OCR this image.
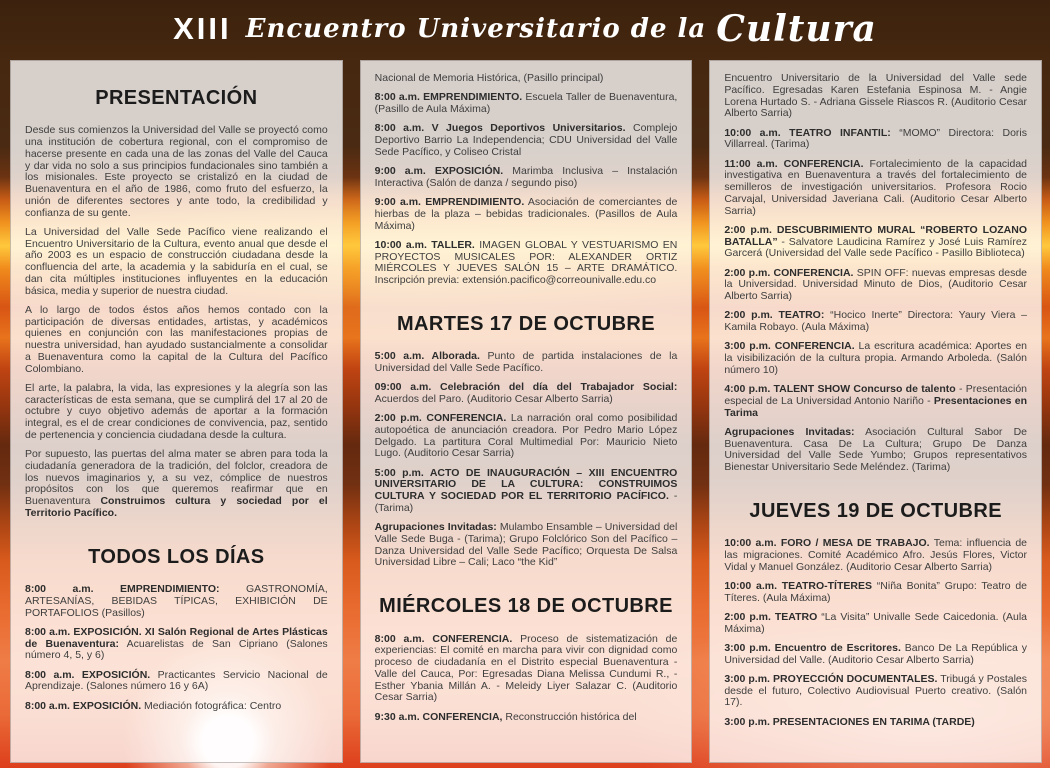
XIII Encuentro Universitario de la Cultura
PRESENTACIÓN

Desde sus comienzos la Universidad del Valle se proyectó como una institución de cobertura regional, con el compromiso de hacerse presente en cada una de las zonas del Valle del Cauca y dar vida no solo a sus principios fundacionales sino también a los misionales. Este proyecto se cristalizó en la ciudad de Buenaventura en el año de 1986, como fruto del esfuerzo, la unión de diferentes sectores y ante todo, la credibilidad y confianza de su gente.

La Universidad del Valle Sede Pacífico viene realizando el Encuentro Universitario de la Cultura, evento anual que desde el año 2003 es un espacio de construcción ciudadana desde la confluencia del arte, la academia y la sabiduría en el cual, se dan cita múltiples instituciones influyentes en la educación básica, media y superior de nuestra ciudad.

A lo largo de todos éstos años hemos contado con la participación de diversas entidades, artistas, y académicos quienes en conjunción con las manifestaciones propias de nuestra universidad, han ayudado sustancialmente a consolidar a Buenaventura como la capital de la Cultura del Pacífico Colombiano.

El arte, la palabra, la vida, las expresiones y la alegría son las características de esta semana, que se cumplirá del 17 al 20 de octubre y cuyo objetivo además de aportar a la formación integral, es el de crear condiciones de convivencia, paz, sentido de pertenencia y conciencia ciudadana desde la cultura.

Por supuesto, las puertas del alma mater se abren para toda la ciudadanía generadora de la tradición, del folclor, creadora de los nuevos imaginarios y, a su vez, cómplice de nuestros propósitos con los que queremos reafirmar que en Buenaventura Construimos cultura y sociedad por el Territorio Pacífico.

TODOS LOS DÍAS

8:00 a.m. EMPRENDIMIENTO: GASTRONOMÍA, ARTESANÍAS, BEBIDAS TÍPICAS, EXHIBICIÓN DE PORTAFOLIOS (Pasillos)

8:00 a.m. EXPOSICIÓN. XI Salón Regional de Artes Plásticas de Buenaventura: Acuarelistas de San Cipriano (Salones número 4, 5, y 6)

8:00 a.m. EXPOSICIÓN. Practicantes Servicio Nacional de Aprendizaje. (Salones número 16 y 6A)

8:00 a.m. EXPOSICIÓN. Mediación fotográfica: Centro

Nacional de Memoria Histórica, (Pasillo principal)

8:00 a.m. EMPRENDIMIENTO. Escuela Taller de Buenaventura, (Pasillo de Aula Máxima)

8:00 a.m. V Juegos Deportivos Universitarios. Complejo Deportivo Barrio La Independencia; CDU Universidad del Valle Sede Pacífico, y Coliseo Cristal

9:00 a.m. EXPOSICIÓN. Marimba Inclusiva – Instalación Interactiva (Salón de danza / segundo piso)

9:00 a.m. EMPRENDIMIENTO. Asociación de comerciantes de hierbas de la plaza – bebidas tradicionales. (Pasillos de Aula Máxima)

10:00 a.m. TALLER. IMAGEN GLOBAL Y VESTUARISMO EN PROYECTOS MUSICALES POR: ALEXANDER ORTIZ MIÉRCOLES Y JUEVES SALÓN 15 – ARTE DRAMÁTICO. Inscripción previa: extensión.pacifico@correounivalle.edu.co

MARTES 17 DE OCTUBRE

5:00 a.m. Alborada. Punto de partida instalaciones de la Universidad del Valle Sede Pacífico.

09:00 a.m. Celebración del día del Trabajador Social: Acuerdos del Paro. (Auditorio Cesar Alberto Sarria)

2:00 p.m. CONFERENCIA. La narración oral como posibilidad autopoética de anunciación creadora. Por Pedro Mario López Delgado. La partitura Coral Multimedial Por: Mauricio Nieto Lugo. (Auditorio Cesar Sarria)

5:00 p.m. ACTO DE INAUGURACIÓN – XIII ENCUENTRO UNIVERSITARIO DE LA CULTURA: CONSTRUIMOS CULTURA Y SOCIEDAD POR EL TERRITORIO PACÍFICO. - (Tarima)

Agrupaciones Invitadas: Mulambo Ensamble – Universidad del Valle Sede Buga - (Tarima); Grupo Folclórico Son del Pacífico – Danza Universidad del Valle Sede Pacífico; Orquesta De Salsa Universidad Libre – Cali; Laco “the Kid”

MIÉRCOLES 18 DE OCTUBRE

8:00 a.m. CONFERENCIA. Proceso de sistematización de experiencias: El comité en marcha para vivir con dignidad como proceso de ciudadanía en el Distrito especial Buenaventura - Valle del Cauca, Por: Egresadas Diana Melissa Cundumi R., - Esther Ybania Millán A. - Meleidy Liyer Salazar C. (Auditorio Cesar Sarria)

9:30 a.m. CONFERENCIA, Reconstrucción histórica del

Encuentro Universitario de la Universidad del Valle sede Pacífico. Egresadas Karen Estefania Espinosa M. - Angie Lorena Hurtado S. - Adriana Gissele Riascos R. (Auditorio Cesar Alberto Sarria)

10:00 a.m. TEATRO INFANTIL: “MOMO” Directora: Doris Villarreal. (Tarima)

11:00 a.m. CONFERENCIA. Fortalecimiento de la capacidad investigativa en Buenaventura a través del fortalecimiento de semilleros de investigación universitarios. Profesora Rocio Carvajal, Universidad Javeriana Cali. (Auditorio Cesar Alberto Sarria)

2:00 p.m. DESCUBRIMIENTO MURAL “ROBERTO LOZANO BATALLA” - Salvatore Laudicina Ramírez y José Luis Ramírez Garcerá (Universidad del Valle sede Pacífico - Pasillo Biblioteca)

2:00 p.m. CONFERENCIA. SPIN OFF: nuevas empresas desde la Universidad. Universidad Minuto de Dios, (Auditorio Cesar Alberto Sarria)

2:00 p.m. TEATRO: “Hocico Inerte” Directora: Yaury Viera – Kamila Robayo. (Aula Máxima)

3:00 p.m. CONFERENCIA. La escritura académica: Aportes en la visibilización de la cultura propia. Armando Arboleda. (Salón número 10)

4:00 p.m. TALENT SHOW Concurso de talento - Presentación especial de La Universidad Antonio Nariño - Presentaciones en Tarima

Agrupaciones Invitadas: Asociación Cultural Sabor De Buenaventura. Casa De La Cultura; Grupo De Danza Universidad del Valle Sede Yumbo; Grupos representativos Bienestar Universitario Sede Meléndez. (Tarima)

JUEVES 19 DE OCTUBRE

10:00 a.m. FORO / MESA DE TRABAJO. Tema: influencia de las migraciones. Comité Académico Afro. Jesús Flores, Victor Vidal y Manuel González. (Auditorio Cesar Alberto Sarria)

10:00 a.m. TEATRO-TÍTERES “Niña Bonita” Grupo: Teatro de Títeres. (Aula Máxima)

2:00 p.m. TEATRO “La Visita” Univalle Sede Caicedonia. (Aula Máxima)

3:00 p.m. Encuentro de Escritores. Banco De La República y Universidad del Valle. (Auditorio Cesar Alberto Sarria)

3:00 p.m. PROYECCIÓN DOCUMENTALES. Tribugá y Postales desde el futuro, Colectivo Audiovisual Puerto creativo. (Salón 17).

3:00 p.m. PRESENTACIONES EN TARIMA (TARDE)
